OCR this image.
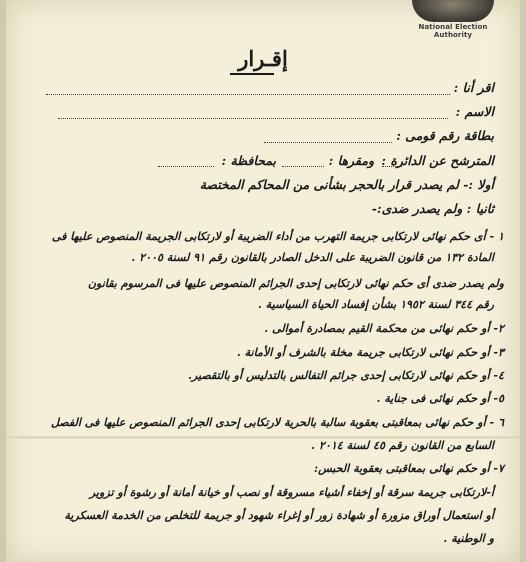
National Election Authority
إقـرار
اقر أنا :
الاسم :
بطاقة رقم قومى :
المترشح عن الدائرة :
ومقرها :
بمحافظة :
أولا :- لم يصدر قرار بالحجر بشأنى من المحاكم المختصة
ثانيا : ولم يصدر ضدى:-
١ - أى حكم نهائى لارتكابى جريمة التهرب من أداء الضريبة أو لارتكابى الجريمة المنصوص عليها فى
المادة ١٣٢ من قانون الضريبة على الدخل الصادر بالقانون رقم ٩١ لسنة ٢٠٠٥ .
ولم يصدر ضدى أى حكم نهائى لارتكابى إحدى الجرائم المنصوص عليها فى المرسوم بقانون
رقم ٣٤٤ لسنة ١٩٥٢ بشأن إفساد الحياة السياسية .
٢- أو حكم نهائى من محكمة القيم بمصادرة أموالى .
٣- أو حكم نهائى لارتكابى جريمة مخلة بالشرف أو الأمانة .
٤- أو حكم نهائى لارتكابى إحدى جرائم التفالس بالتدليس أو بالتقصير.
٥- أو حكم نهائى فى جناية .
٦ - أو حكم نهائى بمعاقبتى بعقوبة سالبة بالحرية لارتكابى إحدى الجرائم المنصوص عليها فى الفصل
السابع من القانون رقم ٤٥ لسنة ٢٠١٤ .
٧- أو حكم نهائى بمعاقبتى بعقوبة الحبس:
أ-لارتكابى جريمة سرقة أو إخفاء أشياء مسروقة أو نصب أو خيانة أمانة أو رشوة أو تزوير
أو استعمال أوراق مزورة أو شهادة زور أو إغراء شهود أو جريمة للتخلص من الخدمة العسكرية
و الوطنية .
